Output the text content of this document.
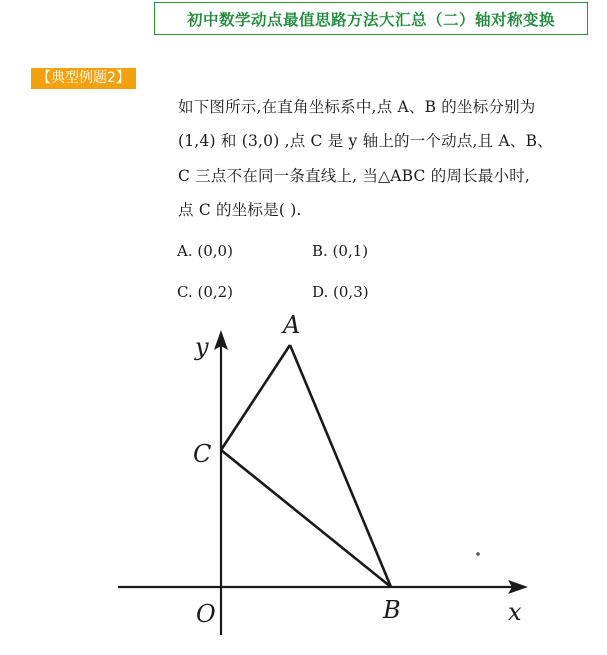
初中数学动点最值思路方法大汇总（二）轴对称变换
【典型例题2】
如下图所示,在直角坐标系中,点 A、B 的坐标分别为
(1,4) 和 (3,0) ,点 C 是 y 轴上的一个动点,且 A、B、
C 三点不在同一条直线上, 当△ABC 的周长最小时,
点 C 的坐标是( ).
A. (0,0)	B. (0,1)
C. (0,2)	D. (0,3)
y
A
C
O	B	x
